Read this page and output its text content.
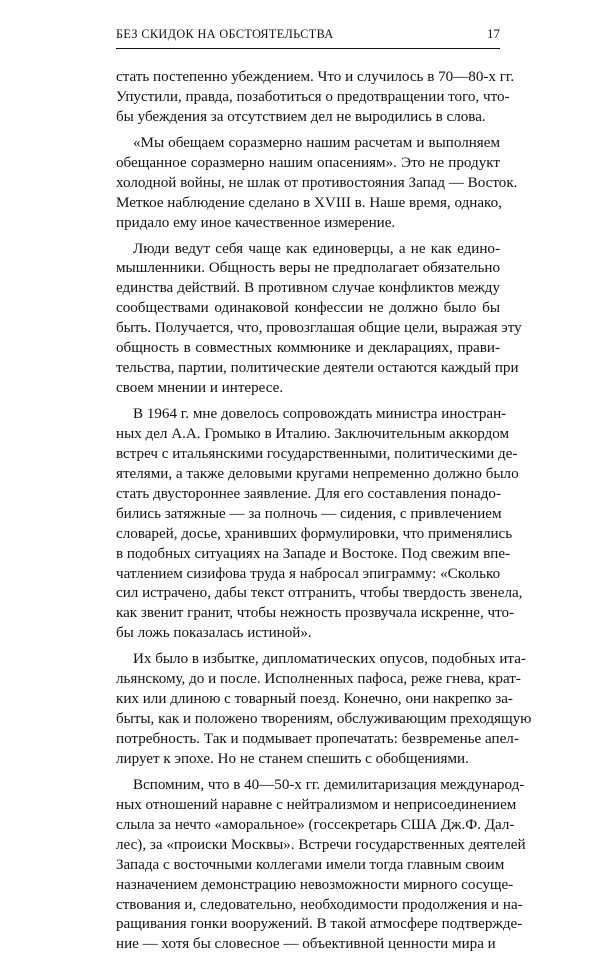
БЕЗ СКИДОК НА ОБСТОЯТЕЛЬСТВА	17
стать постепенно убеждением. Что и случилось в 70—80-х гг.
Упустили, правда, позаботиться о предотвращении того, что-
бы убеждения за отсутствием дел не выродились в слова.
«Мы обещаем соразмерно нашим расчетам и выполняем
обещанное соразмерно нашим опасениям». Это не продукт
холодной войны, не шлак от противостояния Запад — Восток.
Меткое наблюдение сделано в XVIII в. Наше время, однако,
придало ему иное качественное измерение.
Люди ведут себя чаще как единоверцы, а не как едино-
мышленники. Общность веры не предполагает обязательно
единства действий. В противном случае конфликтов между
сообществами одинаковой конфессии не должно было бы
быть. Получается, что, провозглашая общие цели, выражая эту
общность в совместных коммюнике и декларациях, прави-
тельства, партии, политические деятели остаются каждый при
своем мнении и интересе.
В 1964 г. мне довелось сопровождать министра иностран-
ных дел А.А. Громыко в Италию. Заключительным аккордом
встреч с итальянскими государственными, политическими де-
ятелями, а также деловыми кругами непременно должно было
стать двустороннее заявление. Для его составления понадо-
бились затяжные — за полночь — сидения, с привлечением
словарей, досье, хранивших формулировки, что применялись
в подобных ситуациях на Западе и Востоке. Под свежим впе-
чатлением сизифова труда я набросал эпиграмму: «Сколько
сил истрачено, дабы текст отгранить, чтобы твердость звенела,
как звенит гранит, чтобы нежность прозвучала искренне, что-
бы ложь показалась истиной».
Их было в избытке, дипломатических опусов, подобных ита-
льянскому, до и после. Исполненных пафоса, реже гнева, крат-
ких или длиною с товарный поезд. Конечно, они накрепко за-
быты, как и положено творениям, обслуживающим преходящую
потребность. Так и подмывает пропечатать: безвременье апел-
лирует к эпохе. Но не станем спешить с обобщениями.
Вспомним, что в 40—50-х гг. демилитаризация международ-
ных отношений наравне с нейтрализмом и неприсоединением
слыла за нечто «аморальное» (госсекретарь США Дж.Ф. Дал-
лес), за «происки Москвы». Встречи государственных деятелей
Запада с восточными коллегами имели тогда главным своим
назначением демонстрацию невозможности мирного сосуще-
ствования и, следовательно, необходимости продолжения и на-
ращивания гонки вооружений. В такой атмосфере подтвержде-
ние — хотя бы словесное — объективной ценности мира и
